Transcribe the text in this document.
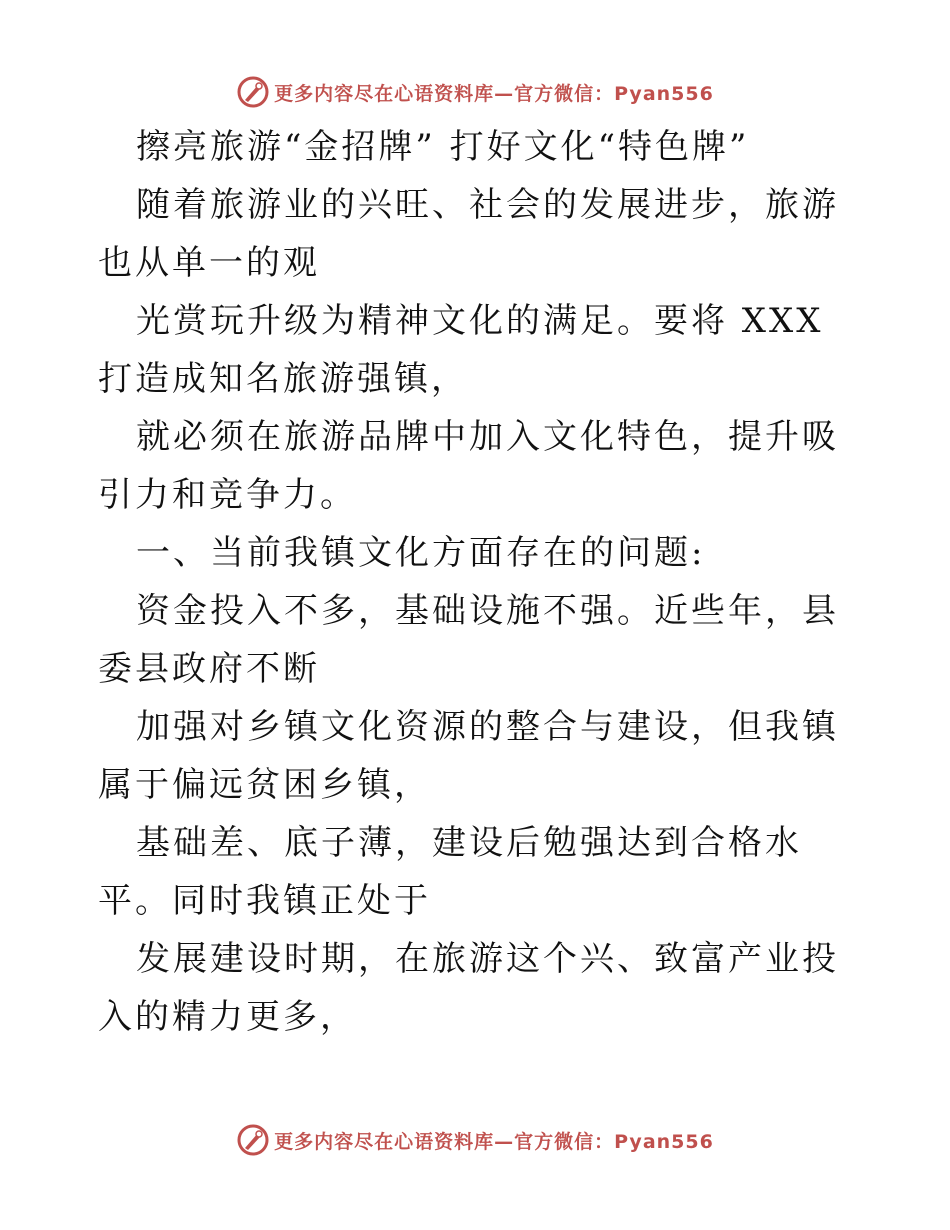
更多内容尽在心语资料库—官方微信：Pyan556

擦亮旅游“金招牌” 打好文化“特色牌”

随着旅游业的兴旺、社会的发展进步，旅游也从单一的观

光赏玩升级为精神文化的满足。要将 XXX 打造成知名旅游强镇，

就必须在旅游品牌中加入文化特色，提升吸引力和竞争力。

一、当前我镇文化方面存在的问题:

资金投入不多，基础设施不强。近些年，县委县政府不断

加强对乡镇文化资源的整合与建设，但我镇属于偏远贫困乡镇，

基础差、底子薄，建设后勉强达到合格水平。同时我镇正处于

发展建设时期，在旅游这个兴、致富产业投入的精力更多，

更多内容尽在心语资料库—官方微信：Pyan556
